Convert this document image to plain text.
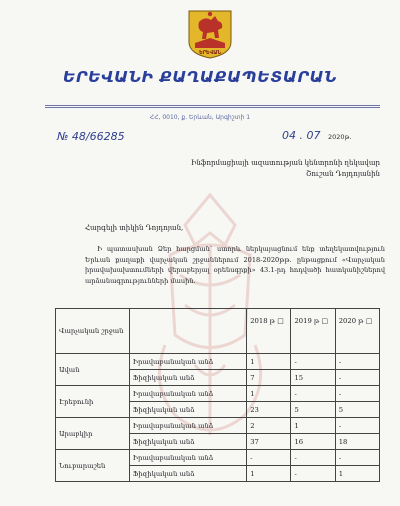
ԵՐԵՎԱՆ
ԵՐԵՎԱՆԻ ՔԱՂԱՔԱՊԵՏԱՐԱՆ
ՀՀ, 0010, ք. Երևան, Արգիշտի 1
№ 48/66285	04 . 07 2020թ.
Ինֆորմացիայի ազատության կենտրոնի ղեկավար
Շուշան Դոյդոյանին
Հարգելի տիկին Դոյդոյան,
Ի պատասխան Ձեր հարցման՝ ստորև ներկայացնում ենք տեղեկատվություն Երևան քաղաքի վարչական շրջաններում 2018-2020թթ. ընթացքում «Վարչական իրավախախտումների վերաբերյալ օրենսգրքի» 43.1-րդ հոդվածի հատկանիշներով արձանագրությունների մասին.
Վարչական շրջան		2018 թ □	2019 թ □	2020 թ □
Ավան	Իրավաբանական անձ	1	-	-
	Ֆիզիկական անձ	7	15	-
Էրեբունի	Իրավաբանական անձ	1	-	-
	Ֆիզիկական անձ	23	5	5
Արաբկիր	Իրավաբանական անձ	2	1	-
	Ֆիզիկական անձ	37	16	18
Նուբարաշեն	Իրավաբանական անձ	-	-	-
	Ֆիզիկական անձ	1	-	1
